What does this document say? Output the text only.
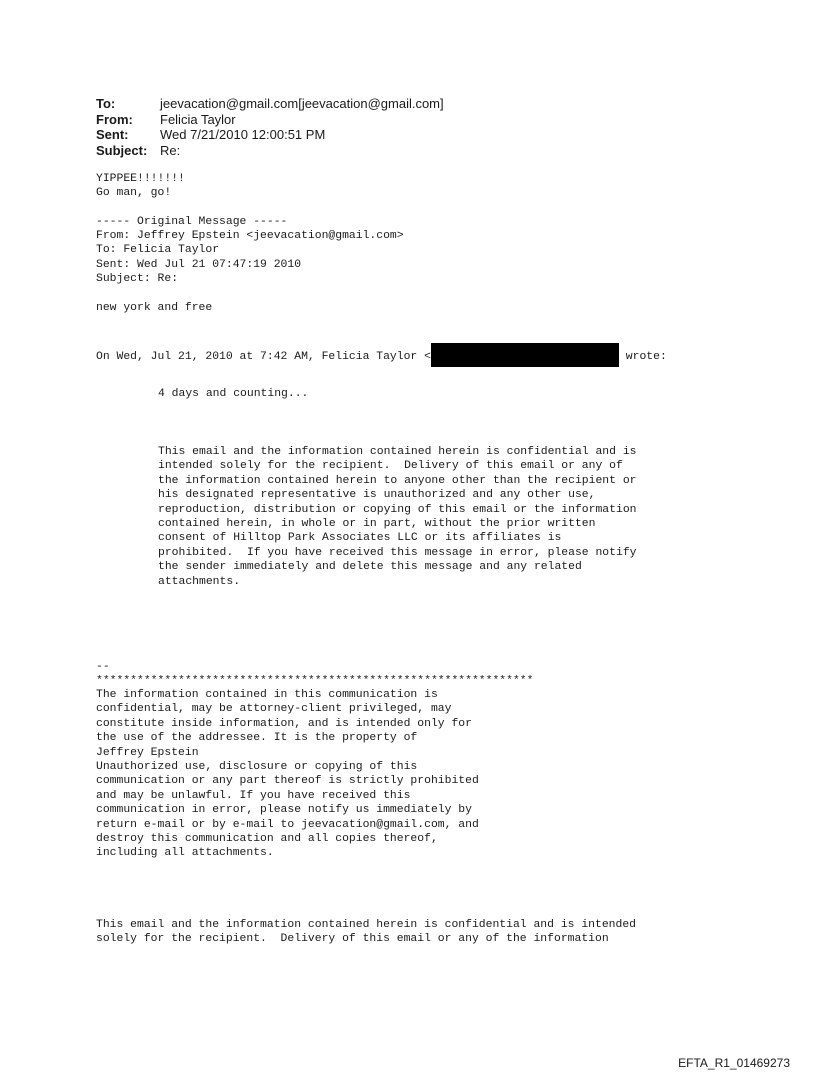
To:	jeevacation@gmail.com[jeevacation@gmail.com]
From:	Felicia Taylor
Sent:	Wed 7/21/2010 12:00:51 PM
Subject: Re:
YIPPEE!!!!!!!
Go man, go!
----- Original Message -----
From: Jeffrey Epstein <jeevacation@gmail.com>
To: Felicia Taylor
Sent: Wed Jul 21 07:47:19 2010
Subject: Re:
new york and free
On Wed, Jul 21, 2010 at 7:42 AM, Felicia Taylor <	wrote:
4 days and counting...
This email and the information contained herein is confidential and is
intended solely for the recipient.  Delivery of this email or any of
the information contained herein to anyone other than the recipient or
his designated representative is unauthorized and any other use,
reproduction, distribution or copying of this email or the information
contained herein, in whole or in part, without the prior written
consent of Hilltop Park Associates LLC or its affiliates is
prohibited.  If you have received this message in error, please notify
the sender immediately and delete this message and any related
attachments.
--
****************************************************************
The information contained in this communication is
confidential, may be attorney-client privileged, may
constitute inside information, and is intended only for
the use of the addressee. It is the property of
Jeffrey Epstein
Unauthorized use, disclosure or copying of this
communication or any part thereof is strictly prohibited
and may be unlawful. If you have received this
communication in error, please notify us immediately by
return e-mail or by e-mail to jeevacation@gmail.com, and
destroy this communication and all copies thereof,
including all attachments.
This email and the information contained herein is confidential and is intended
solely for the recipient.  Delivery of this email or any of the information
EFTA_R1_01469273
